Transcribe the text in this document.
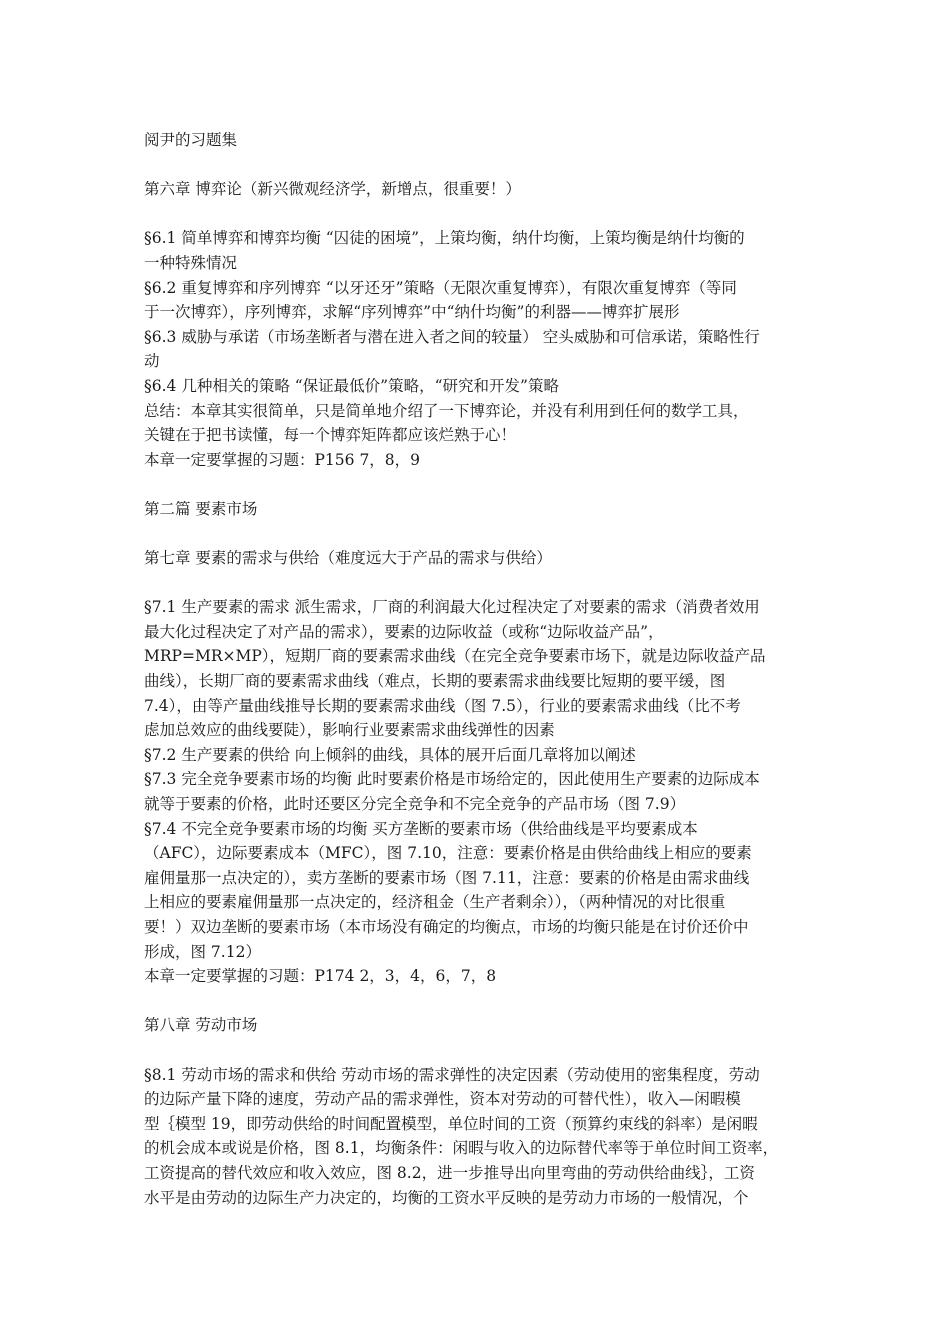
阅尹的习题集
第六章 博弈论（新兴微观经济学，新增点，很重要！）
§6.1 简单博弈和博弈均衡 “囚徒的困境”，上策均衡，纳什均衡，上策均衡是纳什均衡的
一种特殊情况
§6.2 重复博弈和序列博弈 “以牙还牙”策略（无限次重复博弈），有限次重复博弈（等同
于一次博弈），序列博弈，求解“序列博弈”中“纳什均衡”的利器——博弈扩展形
§6.3 威胁与承诺（市场垄断者与潜在进入者之间的较量） 空头威胁和可信承诺，策略性行
动
§6.4 几种相关的策略 “保证最低价”策略，“研究和开发”策略
总结：本章其实很简单，只是简单地介绍了一下博弈论，并没有利用到任何的数学工具，
关键在于把书读懂，每一个博弈矩阵都应该烂熟于心！
本章一定要掌握的习题：P156 7，8，9
第二篇 要素市场
第七章 要素的需求与供给（难度远大于产品的需求与供给）
§7.1 生产要素的需求 派生需求，厂商的利润最大化过程决定了对要素的需求（消费者效用
最大化过程决定了对产品的需求），要素的边际收益（或称“边际收益产品”，
MRP=MR×MP），短期厂商的要素需求曲线（在完全竞争要素市场下，就是边际收益产品
曲线），长期厂商的要素需求曲线（难点，长期的要素需求曲线要比短期的要平缓，图
7.4），由等产量曲线推导长期的要素需求曲线（图 7.5），行业的要素需求曲线（比不考
虑加总效应的曲线要陡），影响行业要素需求曲线弹性的因素
§7.2 生产要素的供给 向上倾斜的曲线，具体的展开后面几章将加以阐述
§7.3 完全竞争要素市场的均衡 此时要素价格是市场给定的，因此使用生产要素的边际成本
就等于要素的价格，此时还要区分完全竞争和不完全竞争的产品市场（图 7.9）
§7.4 不完全竞争要素市场的均衡 买方垄断的要素市场（供给曲线是平均要素成本
（AFC），边际要素成本（MFC），图 7.10，注意：要素价格是由供给曲线上相应的要素
雇佣量那一点决定的），卖方垄断的要素市场（图 7.11，注意：要素的价格是由需求曲线
上相应的要素雇佣量那一点决定的，经济租金（生产者剩余）），（两种情况的对比很重
要！）双边垄断的要素市场（本市场没有确定的均衡点，市场的均衡只能是在讨价还价中
形成，图 7.12）
本章一定要掌握的习题：P174 2，3，4，6，7，8
第八章 劳动市场
§8.1 劳动市场的需求和供给 劳动市场的需求弹性的决定因素（劳动使用的密集程度，劳动
的边际产量下降的速度，劳动产品的需求弹性，资本对劳动的可替代性），收入—闲暇模
型｛模型 19，即劳动供给的时间配置模型，单位时间的工资（预算约束线的斜率）是闲暇
的机会成本或说是价格，图 8.1，均衡条件：闲暇与收入的边际替代率等于单位时间工资率，
工资提高的替代效应和收入效应，图 8.2，进一步推导出向里弯曲的劳动供给曲线｝，工资
水平是由劳动的边际生产力决定的，均衡的工资水平反映的是劳动力市场的一般情况，个
